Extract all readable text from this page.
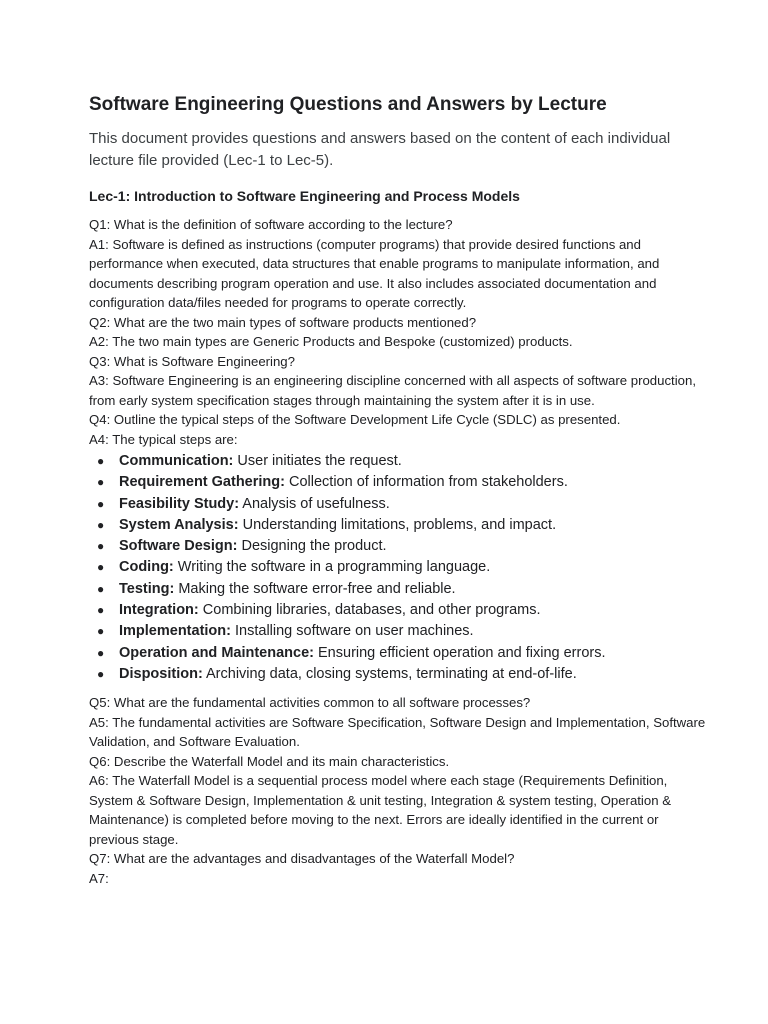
Software Engineering Questions and Answers by Lecture

This document provides questions and answers based on the content of each individual lecture file provided (Lec-1 to Lec-5).

Lec-1: Introduction to Software Engineering and Process Models

Q1: What is the definition of software according to the lecture?

A1: Software is defined as instructions (computer programs) that provide desired functions and performance when executed, data structures that enable programs to manipulate information, and documents describing program operation and use. It also includes associated documentation and configuration data/files needed for programs to operate correctly.

Q2: What are the two main types of software products mentioned?

A2: The two main types are Generic Products and Bespoke (customized) products.

Q3: What is Software Engineering?

A3: Software Engineering is an engineering discipline concerned with all aspects of software production, from early system specification stages through maintaining the system after it is in use.

Q4: Outline the typical steps of the Software Development Life Cycle (SDLC) as presented.

A4: The typical steps are:

●	Communication: User initiates the request.
●	Requirement Gathering: Collection of information from stakeholders.
●	Feasibility Study: Analysis of usefulness.
●	System Analysis: Understanding limitations, problems, and impact.
●	Software Design: Designing the product.
●	Coding: Writing the software in a programming language.
●	Testing: Making the software error-free and reliable.
●	Integration: Combining libraries, databases, and other programs.
●	Implementation: Installing software on user machines.
●	Operation and Maintenance: Ensuring efficient operation and fixing errors.
●	Disposition: Archiving data, closing systems, terminating at end-of-life.

Q5: What are the fundamental activities common to all software processes?

A5: The fundamental activities are Software Specification, Software Design and Implementation, Software Validation, and Software Evaluation.

Q6: Describe the Waterfall Model and its main characteristics.

A6: The Waterfall Model is a sequential process model where each stage (Requirements Definition, System & Software Design, Implementation & unit testing, Integration & system testing, Operation & Maintenance) is completed before moving to the next. Errors are ideally identified in the current or previous stage.

Q7: What are the advantages and disadvantages of the Waterfall Model?

A7:
